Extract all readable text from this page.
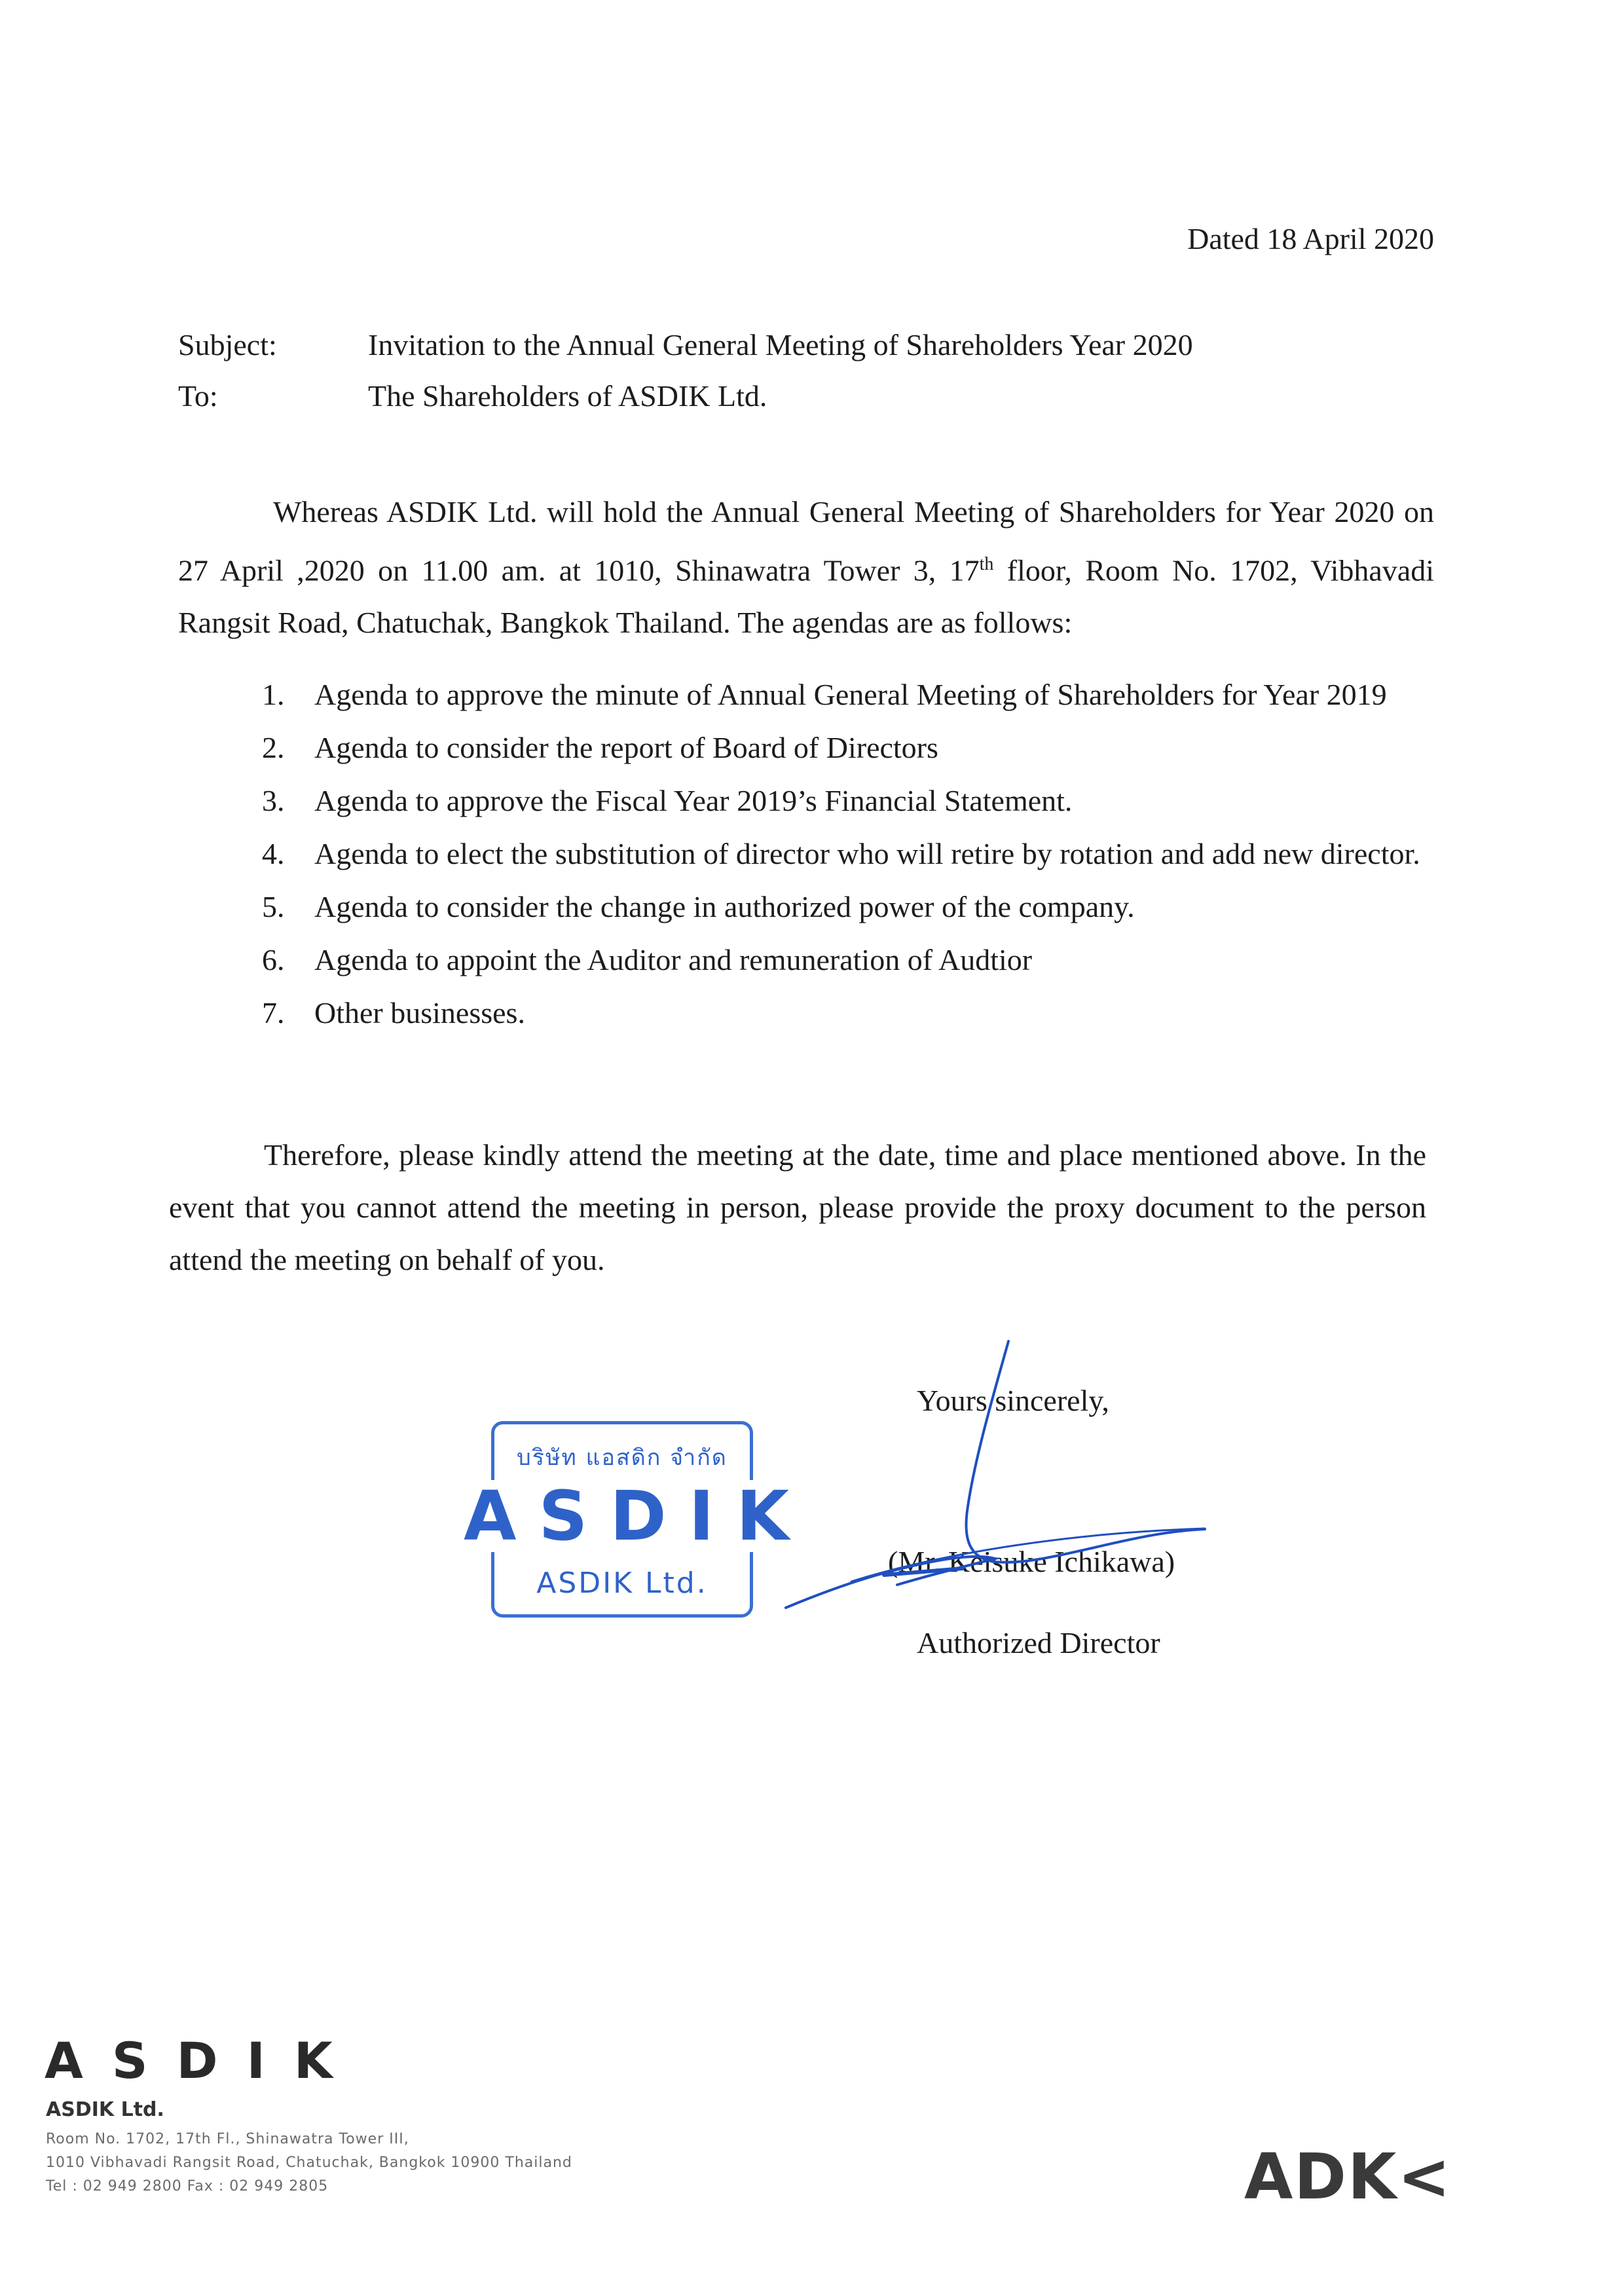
Dated 18 April 2020
Subject:	Invitation to the Annual General Meeting of Shareholders Year 2020
To:	The Shareholders of ASDIK Ltd.
Whereas ASDIK Ltd. will hold the Annual General Meeting of Shareholders for Year 2020 on 27 April ,2020 on 11.00 am. at 1010, Shinawatra Tower 3, 17th floor, Room No. 1702, Vibhavadi Rangsit Road, Chatuchak, Bangkok Thailand. The agendas are as follows:
1. Agenda to approve the minute of Annual General Meeting of Shareholders for Year 2019
2. Agenda to consider the report of Board of Directors
3. Agenda to approve the Fiscal Year 2019’s Financial Statement.
4. Agenda to elect the substitution of director who will retire by rotation and add new director.
5. Agenda to consider the change in authorized power of the company.
6. Agenda to appoint the Auditor and remuneration of Audtior
7. Other businesses.
Therefore, please kindly attend the meeting at the date, time and place mentioned above. In the event that you cannot attend the meeting in person, please provide the proxy document to the person attend the meeting on behalf of you.
Yours sincerely,
(Mr. Keisuke Ichikawa)
Authorized Director
บริษัท แอสดิก จำกัด
ASDIK
ASDIK Ltd.
ASDIK
ASDIK Ltd.
Room No. 1702, 17th Fl., Shinawatra Tower III,
1010 Vibhavadi Rangsit Road, Chatuchak, Bangkok 10900 Thailand
Tel : 02 949 2800 Fax : 02 949 2805	ADK<
